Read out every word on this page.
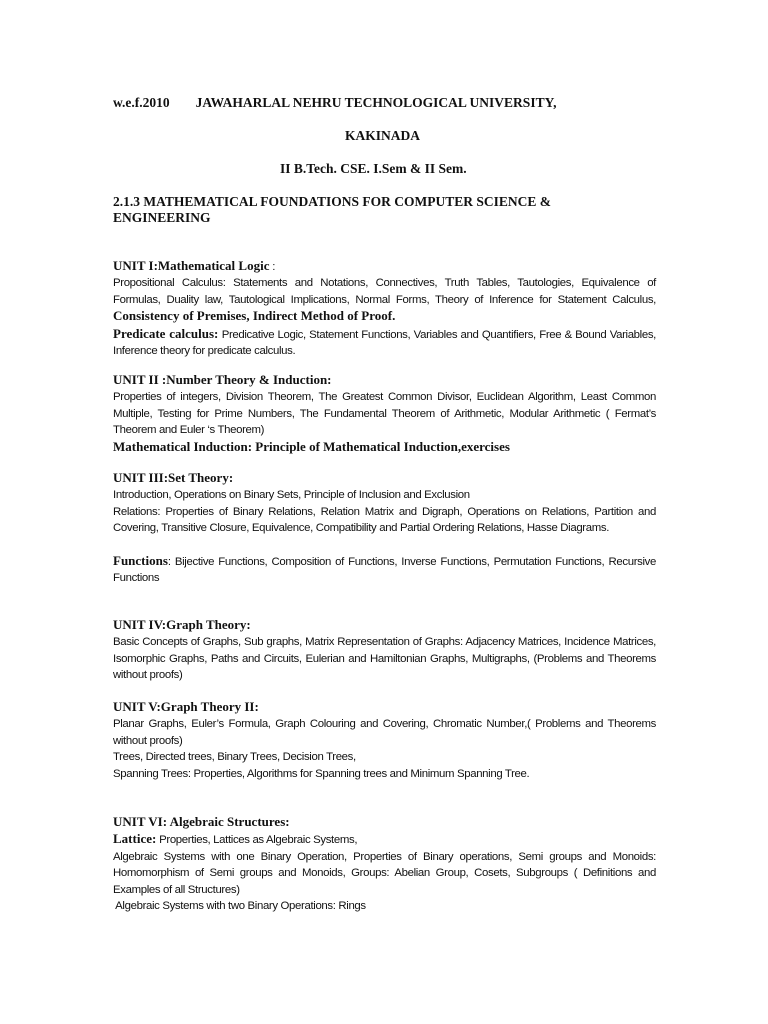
w.e.f.2010 JAWAHARLAL NEHRU TECHNOLOGICAL UNIVERSITY,
KAKINADA
II B.Tech. CSE. I.Sem & II Sem.
2.1.3 MATHEMATICAL FOUNDATIONS FOR COMPUTER SCIENCE &
ENGINEERING

UNIT I:Mathematical Logic :

Propositional Calculus: Statements and Notations, Connectives, Truth Tables, Tautologies, Equivalence of Formulas, Duality law, Tautological Implications, Normal Forms, Theory of Inference for Statement Calculus, Consistency of Premises, Indirect Method of Proof.

Predicate calculus: Predicative Logic, Statement Functions, Variables and Quantifiers, Free & Bound Variables, Inference theory for predicate calculus.

UNIT II :Number Theory & Induction:

Properties of integers, Division Theorem, The Greatest Common Divisor, Euclidean Algorithm, Least Common Multiple, Testing for Prime Numbers, The Fundamental Theorem of Arithmetic, Modular Arithmetic ( Fermat’s Theorem and Euler ‘s Theorem)

Mathematical Induction: Principle of Mathematical Induction,exercises

UNIT III:Set Theory:

Introduction, Operations on Binary Sets, Principle of Inclusion and Exclusion

Relations: Properties of Binary Relations, Relation Matrix and Digraph, Operations on Relations, Partition and Covering, Transitive Closure, Equivalence, Compatibility and Partial Ordering Relations, Hasse Diagrams.

Functions: Bijective Functions, Composition of Functions, Inverse Functions, Permutation Functions, Recursive Functions

UNIT IV:Graph Theory:

Basic Concepts of Graphs, Sub graphs, Matrix Representation of Graphs: Adjacency Matrices, Incidence Matrices, Isomorphic Graphs, Paths and Circuits, Eulerian and Hamiltonian Graphs, Multigraphs, (Problems and Theorems without proofs)

UNIT V:Graph Theory II:

Planar Graphs, Euler’s Formula, Graph Colouring and Covering, Chromatic Number,( Problems and Theorems without proofs)

Trees, Directed trees, Binary Trees, Decision Trees,

Spanning Trees: Properties, Algorithms for Spanning trees and Minimum Spanning Tree.

UNIT VI: Algebraic Structures:

Lattice: Properties, Lattices as Algebraic Systems,

Algebraic Systems with one Binary Operation, Properties of Binary operations, Semi groups and Monoids: Homomorphism of Semi groups and Monoids, Groups: Abelian Group, Cosets, Subgroups ( Definitions and Examples of all Structures)

Algebraic Systems with two Binary Operations: Rings
